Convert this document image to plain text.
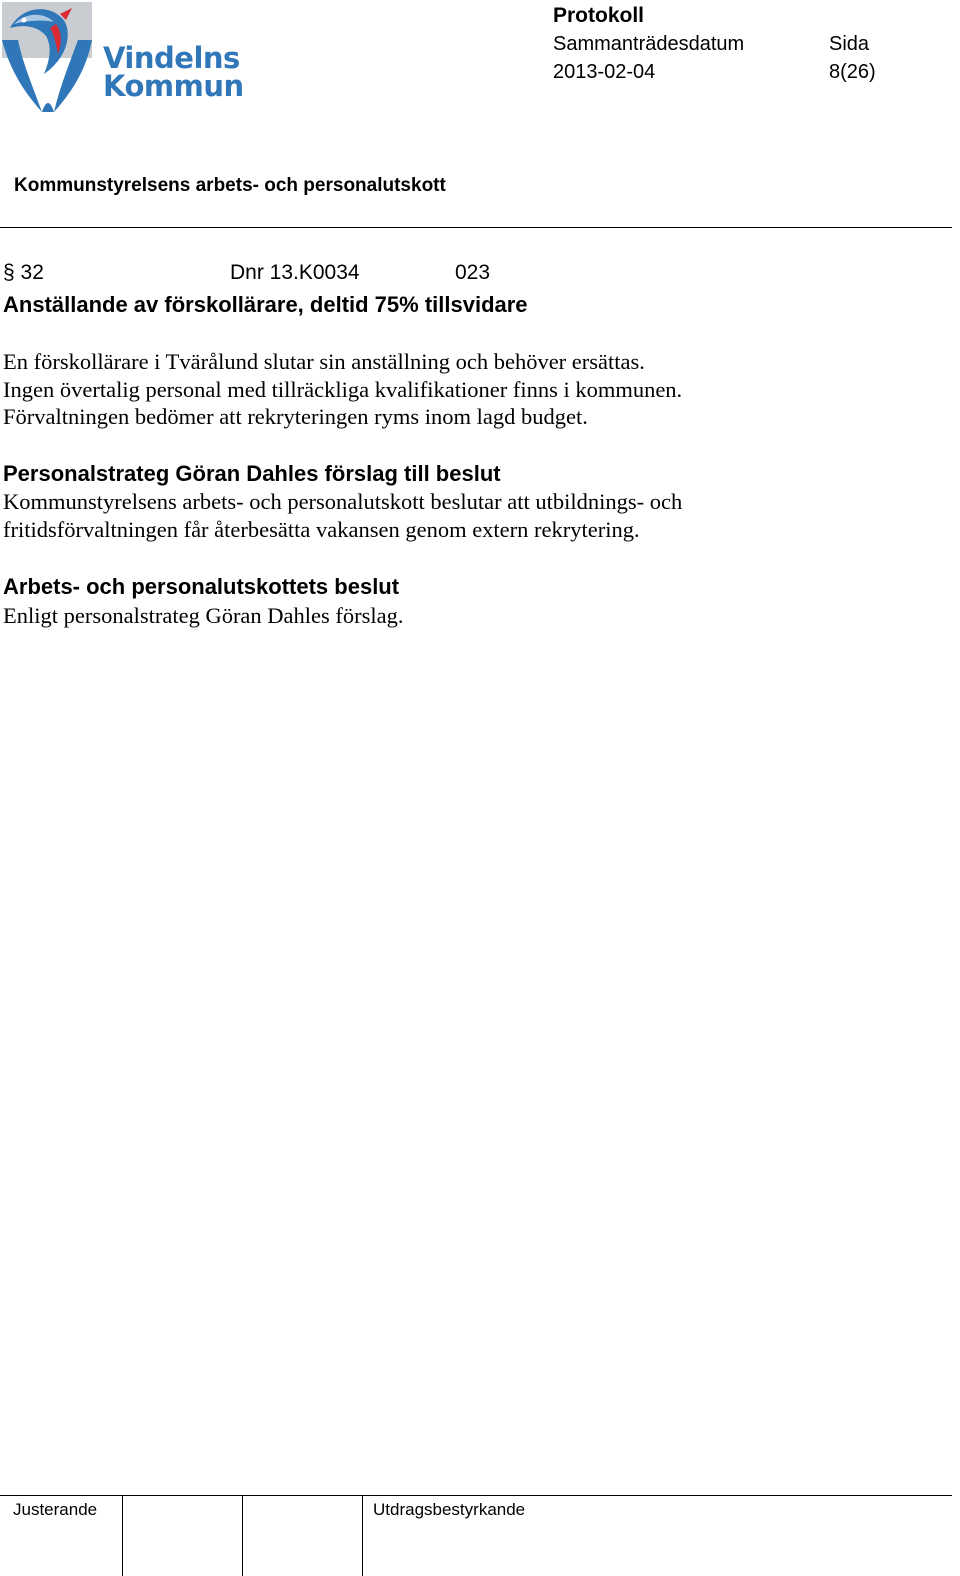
Vindelns
Kommun
Protokoll
Sammanträdesdatum
2013-02-04
Sida
8(26)
Kommunstyrelsens arbets- och personalutskott
§ 32	Dnr 13.K0034	023
Anställande av förskollärare, deltid 75% tillsvidare
En förskollärare i Tvärålund slutar sin anställning och behöver ersättas.
Ingen övertalig personal med tillräckliga kvalifikationer finns i kommunen.
Förvaltningen bedömer att rekryteringen ryms inom lagd budget.
Personalstrateg Göran Dahles förslag till beslut
Kommunstyrelsens arbets- och personalutskott beslutar att utbildnings- och
fritidsförvaltningen får återbesätta vakansen genom extern rekrytering.
Arbets- och personalutskottets beslut
Enligt personalstrateg Göran Dahles förslag.
Justerande	Utdragsbestyrkande
